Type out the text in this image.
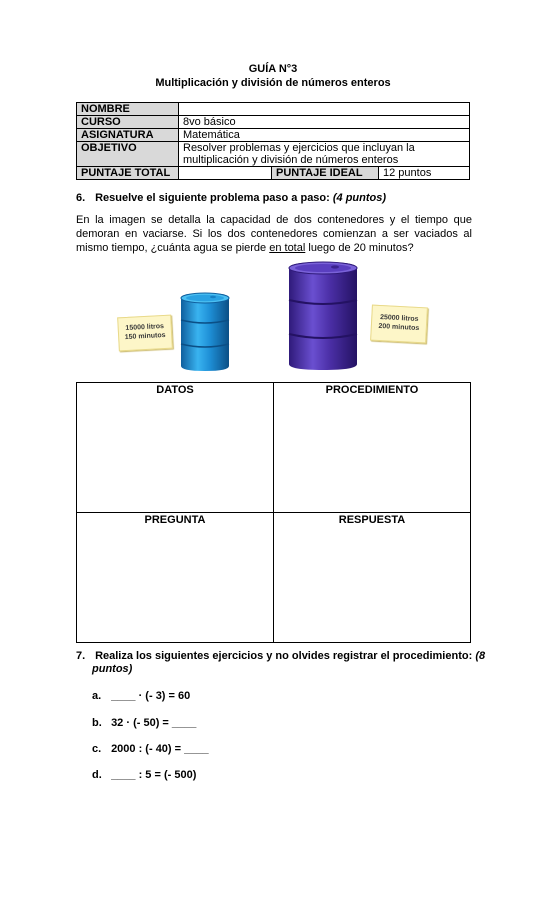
GUÍA N°3
Multiplicación y división de números enteros
NOMBRE			
CURSO	8vo básico		
ASIGNATURA	Matemática		
OBJETIVO	Resolver problemas y ejercicios que incluyan la
multiplicación y división de números enteros		

PUNTAJE TOTAL		PUNTAJE IDEAL	12 puntos
6. Resuelve el siguiente problema paso a paso: (4 puntos)
En la imagen se detalla la capacidad de dos contenedores y el tiempo que demoran en vaciarse. Si los dos contenedores comienzan a ser vaciados al mismo tiempo, ¿cuánta agua se pierde en total luego de 20 minutos?
15000 litros
150 minutos
25000 litros
200 minutos
DATOS	PROCEDIMIENTO
PREGUNTA	RESPUESTA
7. Realiza los siguientes ejercicios y no olvides registrar el procedimiento: (8
puntos)
a. ____ · (- 3) = 60
b. 32 · (- 50) = ____
c. 2000 : (- 40) = ____
d. ____ : 5 = (- 500)
